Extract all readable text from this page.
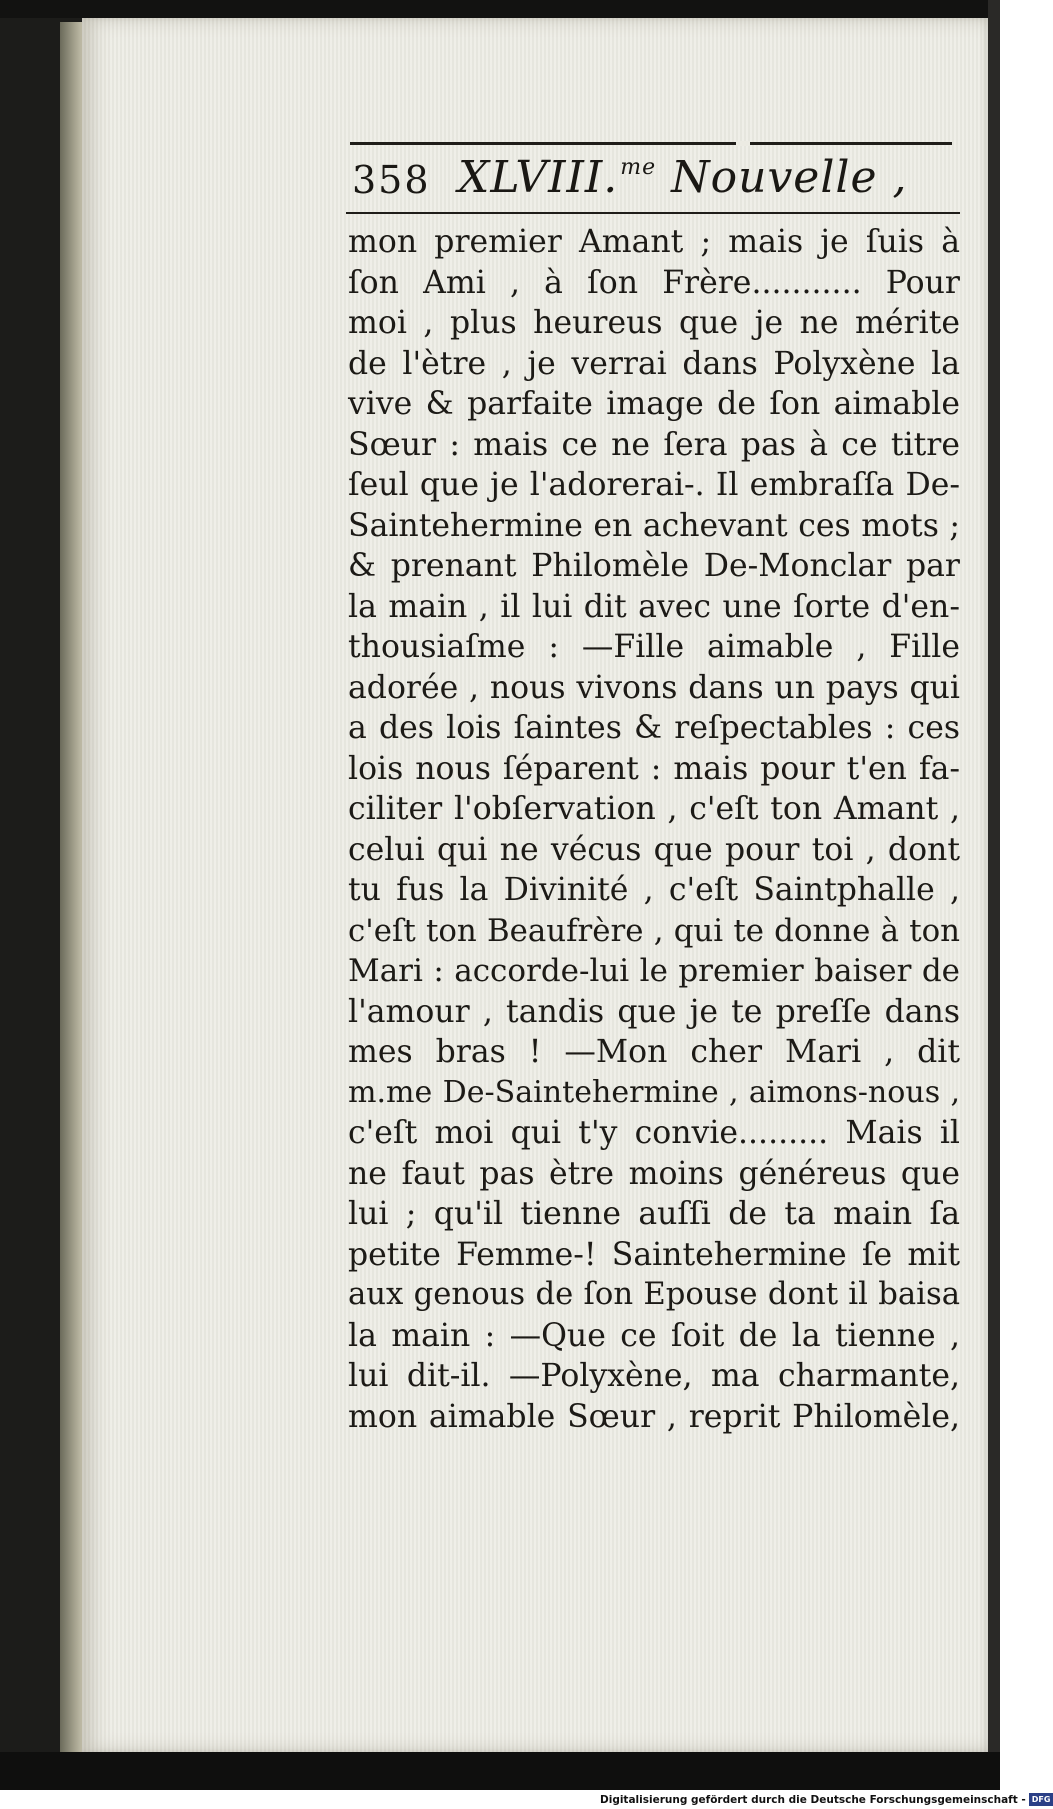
358 XLVIII.$^{me}$ Nouvelle ,
mon premier Amant ; mais je ſuis à
ſon Ami , à ſon Frère........... Pour
moi , plus heureus que je ne mérite
de l'ètre , je verrai dans Polyxène la
vive & parfaite image de ſon aimable
Sœur : mais ce ne ſera pas à ce titre
ſeul que je l'adorerai-. Il embraſſa De-
Saintehermine en achevant ces mots ;
& prenant Philomèle De-Monclar par
la main , il lui dit avec une ſorte d'en-
thousiaſme : —Fille aimable , Fille
adorée , nous vivons dans un pays qui
a des lois ſaintes & reſpectables : ces
lois nous ſéparent : mais pour t'en fa-
ciliter l'obſervation , c'eſt ton Amant ,
celui qui ne vécus que pour toi , dont
tu fus la Divinité , c'eſt Saintphalle ,
c'eſt ton Beaufrère , qui te donne à ton
Mari : accorde-lui le premier baiser de
l'amour , tandis que je te preſſe dans
mes bras ! —Mon cher Mari , dit
m.me De-Saintehermine , aimons-nous ,
c'eſt moi qui t'y convie......... Mais il
ne faut pas ètre moins généreus que
lui ; qu'il tienne auſſi de ta main ſa
petite Femme-! Saintehermine ſe mit
aux genous de ſon Epouse dont il baisa
la main : —Que ce ſoit de la tienne ,
lui dit-il. —Polyxène, ma charmante,
mon aimable Sœur , reprit Philomèle,
Digitalisierung gefördert durch die Deutsche Forschungsgemeinschaft - DFG
